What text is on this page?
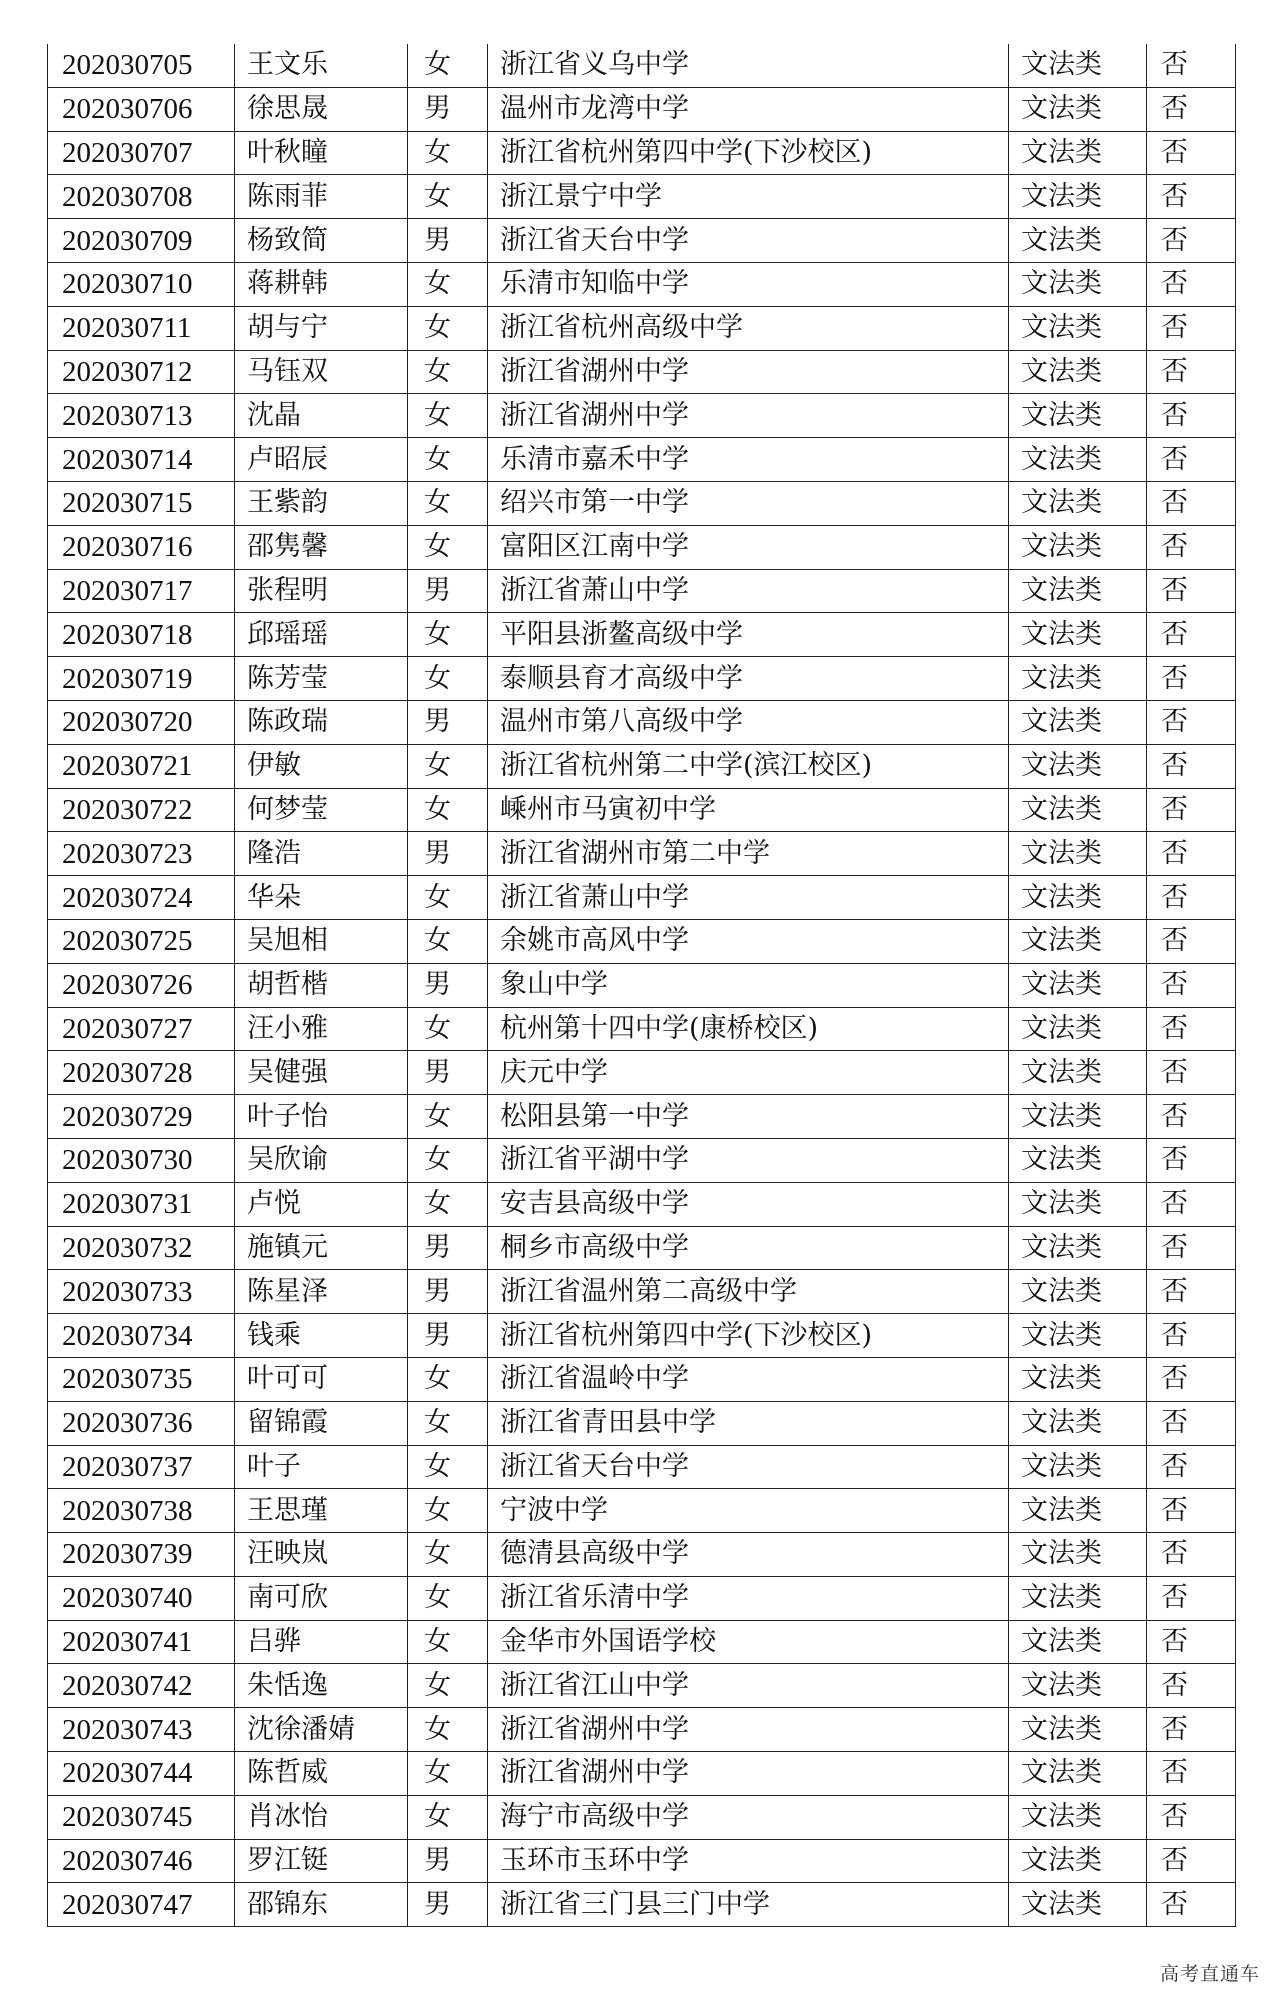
202030705	王文乐	女	浙江省义乌中学	文法类	否
202030706	徐思晟	男	温州市龙湾中学	文法类	否
202030707	叶秋瞳	女	浙江省杭州第四中学(下沙校区)	文法类	否
202030708	陈雨菲	女	浙江景宁中学	文法类	否
202030709	杨致简	男	浙江省天台中学	文法类	否
202030710	蒋耕韩	女	乐清市知临中学	文法类	否
202030711	胡与宁	女	浙江省杭州高级中学	文法类	否
202030712	马钰双	女	浙江省湖州中学	文法类	否
202030713	沈晶	女	浙江省湖州中学	文法类	否
202030714	卢昭辰	女	乐清市嘉禾中学	文法类	否
202030715	王紫韵	女	绍兴市第一中学	文法类	否
202030716	邵隽馨	女	富阳区江南中学	文法类	否
202030717	张程明	男	浙江省萧山中学	文法类	否
202030718	邱瑶瑶	女	平阳县浙鳌高级中学	文法类	否
202030719	陈芳莹	女	泰顺县育才高级中学	文法类	否
202030720	陈政瑞	男	温州市第八高级中学	文法类	否
202030721	伊敏	女	浙江省杭州第二中学(滨江校区)	文法类	否
202030722	何梦莹	女	嵊州市马寅初中学	文法类	否
202030723	隆浩	男	浙江省湖州市第二中学	文法类	否
202030724	华朵	女	浙江省萧山中学	文法类	否
202030725	吴旭相	女	余姚市高风中学	文法类	否
202030726	胡哲楷	男	象山中学	文法类	否
202030727	汪小雅	女	杭州第十四中学(康桥校区)	文法类	否
202030728	吴健强	男	庆元中学	文法类	否
202030729	叶子怡	女	松阳县第一中学	文法类	否
202030730	吴欣谕	女	浙江省平湖中学	文法类	否
202030731	卢悦	女	安吉县高级中学	文法类	否
202030732	施镇元	男	桐乡市高级中学	文法类	否
202030733	陈星泽	男	浙江省温州第二高级中学	文法类	否
202030734	钱乘	男	浙江省杭州第四中学(下沙校区)	文法类	否
202030735	叶可可	女	浙江省温岭中学	文法类	否
202030736	留锦霞	女	浙江省青田县中学	文法类	否
202030737	叶子	女	浙江省天台中学	文法类	否
202030738	王思瑾	女	宁波中学	文法类	否
202030739	汪映岚	女	德清县高级中学	文法类	否
202030740	南可欣	女	浙江省乐清中学	文法类	否
202030741	吕骅	女	金华市外国语学校	文法类	否
202030742	朱恬逸	女	浙江省江山中学	文法类	否
202030743	沈徐潘婧	女	浙江省湖州中学	文法类	否
202030744	陈哲威	女	浙江省湖州中学	文法类	否
202030745	肖冰怡	女	海宁市高级中学	文法类	否
202030746	罗江铤	男	玉环市玉环中学	文法类	否
202030747	邵锦东	男	浙江省三门县三门中学	文法类	否
高考直通车
